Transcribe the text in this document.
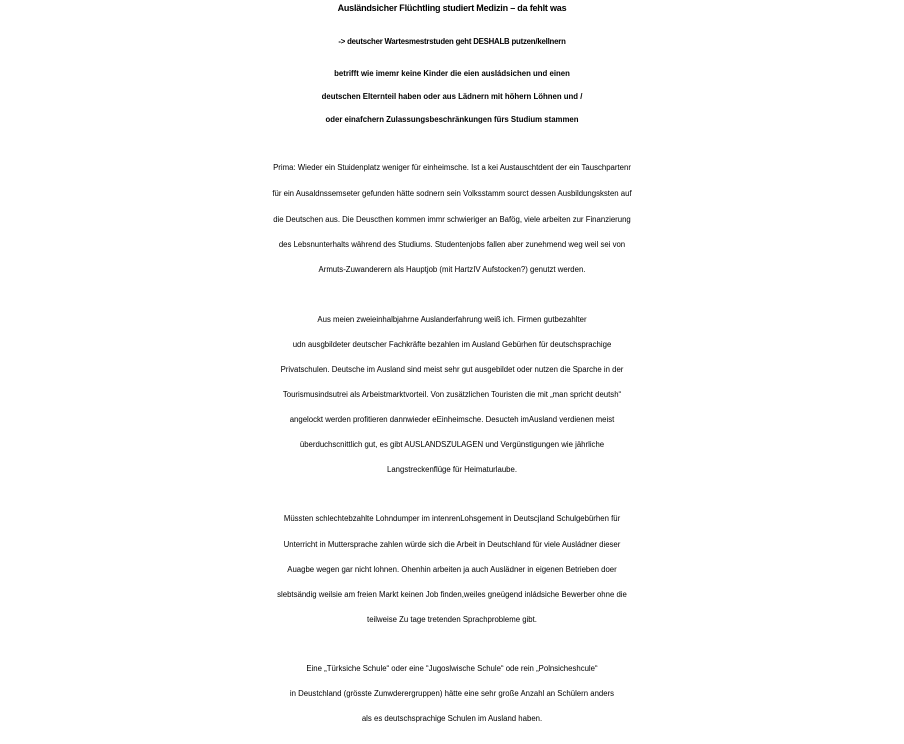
Ausländsicher Flüchtling studiert Medizin – da fehlt was
-> deutscher Wartesmestrstuden geht DESHALB putzen/kellnern
betrifft wie imemr keine Kinder die eien ausládsichen und einen
deutschen Elternteil haben oder aus Lädnern mit höhern Löhnen und /
oder einafchern Zulassungsbeschränkungen fürs Studium stammen
Prima: Wieder ein Stuidenplatz weniger für einheimsche. Ist a kei Austauschtdent der ein Tauschpartenr
für ein Ausaldnssemseter gefunden hätte sodnern sein Volksstamm sourct dessen Ausbildungsksten auf
die Deutschen aus. Die Deuscthen kommen immr schwieriger an Bafög, viele arbeiten zur Finanzierung
des Lebsnunterhalts während des Studiums. Studentenjobs fallen aber zunehmend weg weil sei von
Armuts-Zuwanderern als Hauptjob (mit HartzIV Aufstocken?) genutzt werden.
Aus meien zweieinhalbjahrne Auslanderfahrung weiß ich. Firmen gutbezahlter
udn ausgbildeter deutscher Fachkräfte bezahlen im Ausland Gebürhen für deutschsprachige
Privatschulen. Deutsche im Ausland sind meist sehr gut ausgebildet oder nutzen die Sparche in der
Tourismusindsutrei als Arbeistmarktvorteil. Von zusätzlichen Touristen die mit „man spricht deutsh“
angelockt werden profitieren dannwieder eEinheimsche. Desucteh imAusland verdienen meist
überduchscnittlich gut, es gibt AUSLANDSZULAGEN und Vergünstigungen wie jährliche
Langstreckenflüge für Heimaturlaube.
Müssten schlechtebzahlte Lohndumper im intenrenLohsgement in Deutscjland Schulgebürhen für
Unterricht in Muttersprache zahlen würde sich die Arbeit in Deutschland für viele Ausládner dieser
Auagbe wegen gar nicht lohnen. Ohenhin arbeiten ja auch Auslädner in eigenen Betrieben doer
slebtsändig weilsie am freien Markt keinen Job finden,weiles gneügend inládsiche Bewerber ohne die
teilweise Zu tage tretenden Sprachprobleme gibt.
Eine „Türksiche Schule“ oder eine “Jugoslwische Schule“ ode rein „Polnsicheshcule“
in Deustchland (grösste Zunwderergruppen) hätte eine sehr große Anzahl an Schülern anders
als es deutschsprachige Schulen im Ausland haben.
